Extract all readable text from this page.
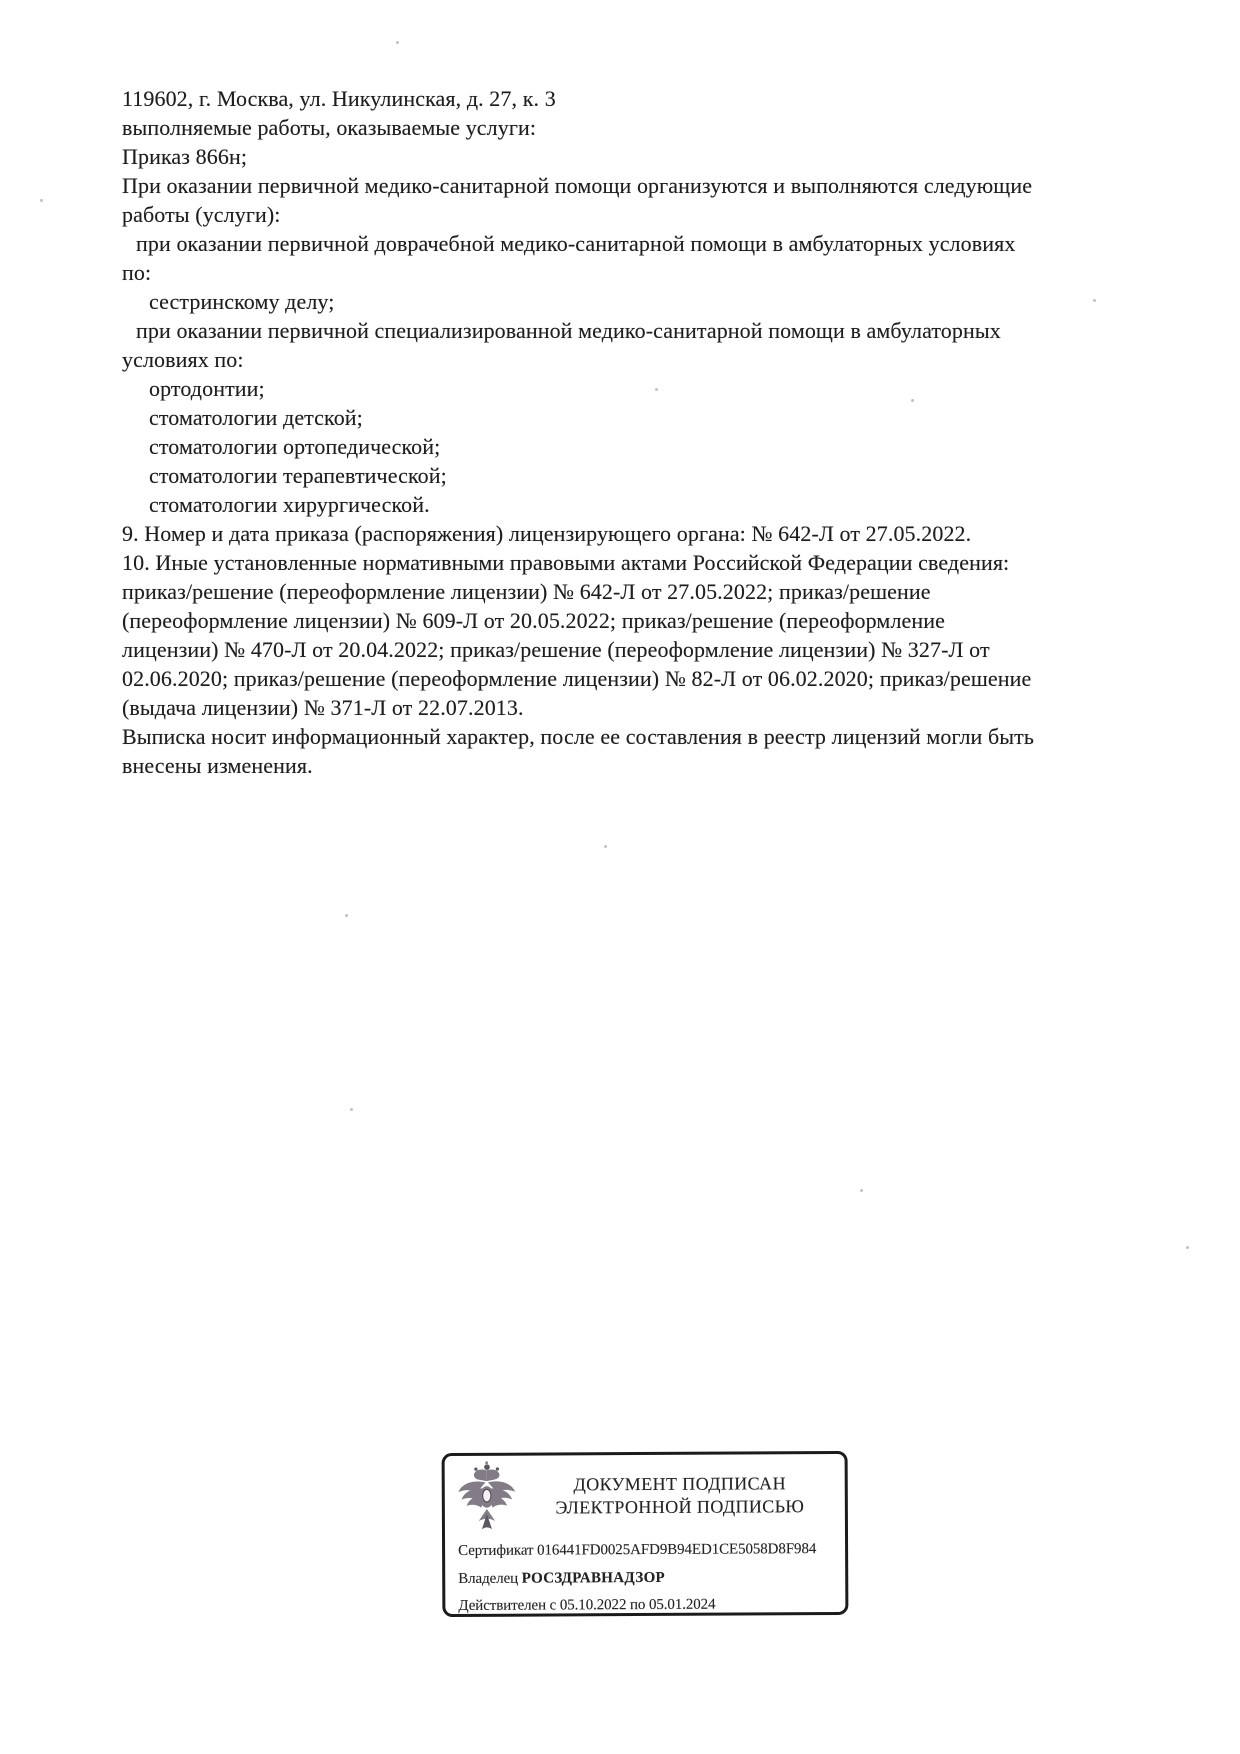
119602, г. Москва, ул. Никулинская, д. 27, к. 3
выполняемые работы, оказываемые услуги:
Приказ 866н;

При оказании первичной медико-санитарной помощи организуются и выполняются следующие работы (услуги):

при оказании первичной доврачебной медико-санитарной помощи в амбулаторных условиях по:

сестринскому делу;

при оказании первичной специализированной медико-санитарной помощи в амбулаторных условиях по:

ортодонтии;
стоматологии детской;
стоматологии ортопедической;
стоматологии терапевтической;
стоматологии хирургической.

9. Номер и дата приказа (распоряжения) лицензирующего органа: № 642-Л от 27.05.2022.

10. Иные установленные нормативными правовыми актами Российской Федерации сведения: приказ/решение (переоформление лицензии) № 642-Л от 27.05.2022; приказ/решение (переоформление лицензии) № 609-Л от 20.05.2022; приказ/решение (переоформление лицензии) № 470-Л от 20.04.2022; приказ/решение (переоформление лицензии) № 327-Л от 02.06.2020; приказ/решение (переоформление лицензии) № 82-Л от 06.02.2020; приказ/решение (выдача лицензии) № 371-Л от 22.07.2013.

Выписка носит информационный характер, после ее составления в реестр лицензий могли быть внесены изменения.

ДОКУМЕНТ ПОДПИСАН
ЭЛЕКТРОННОЙ ПОДПИСЬЮ
Сертификат 016441FD0025AFD9B94ED1CE5058D8F984
Владелец РОСЗДРАВНАДЗОР
Действителен с 05.10.2022 по 05.01.2024
